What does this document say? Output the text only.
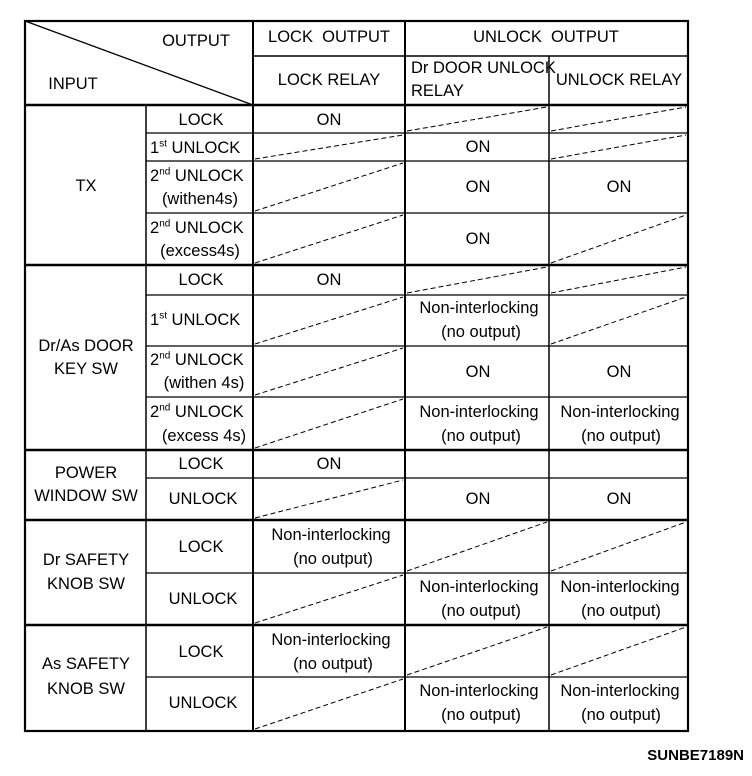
OUTPUT
INPUT
LOCK  OUTPUT	UNLOCK  OUTPUT
LOCK RELAY
Dr DOOR UNLOCK
RELAY
UNLOCK RELAY
TX
Dr/As DOOR
KEY SW
POWER
WINDOW SW
Dr SAFETY
KNOB SW
As SAFETY
KNOB SW
LOCK
1st UNLOCK
2nd UNLOCK
(withen4s)
2nd UNLOCK
(excess4s)
LOCK
1st UNLOCK
2nd UNLOCK
(withen 4s)
2nd UNLOCK
(excess 4s)
LOCK
UNLOCK
LOCK
UNLOCK
LOCK
UNLOCK
ON
ON
ON
Non-interlocking
(no output)
Non-interlocking
(no output)
ON
ON
ON
Non-interlocking
(no output)
ON
Non-interlocking
(no output)
ON
Non-interlocking
(no output)
Non-interlocking
(no output)
ON
ON
Non-interlocking
(no output)
ON
Non-interlocking
(no output)
Non-interlocking
(no output)
SUNBE7189N
